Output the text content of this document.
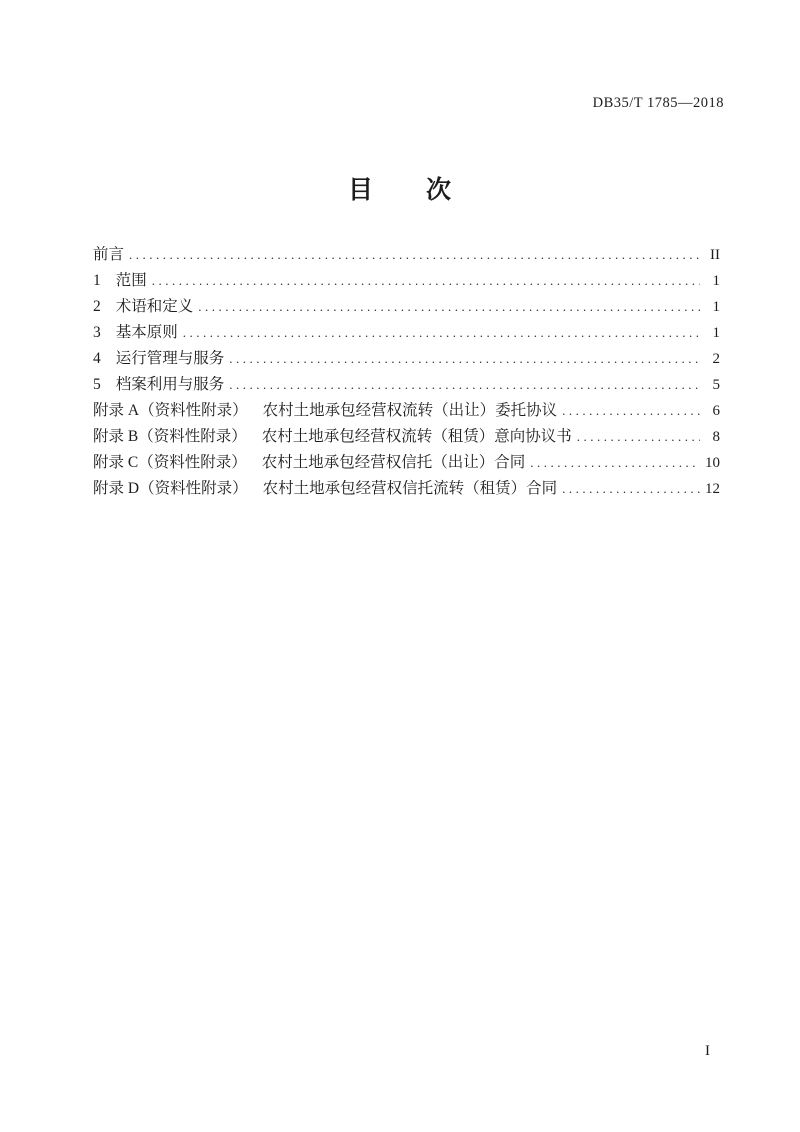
DB35/T 1785—2018
目　　次
前言 .....	II
1 范围 .....	1
2 术语和定义 .....	1
3 基本原则 .....	1
4 运行管理与服务 .....	2
5 档案利用与服务 .....	5
附录 A（资料性附录） 农村土地承包经营权流转（出让）委托协议 .....	6
附录 B（资料性附录） 农村土地承包经营权流转（租赁）意向协议书 .....	8
附录 C（资料性附录） 农村土地承包经营权信托（出让）合同 .....	10
附录 D（资料性附录） 农村土地承包经营权信托流转（租赁）合同 .....	12
I
